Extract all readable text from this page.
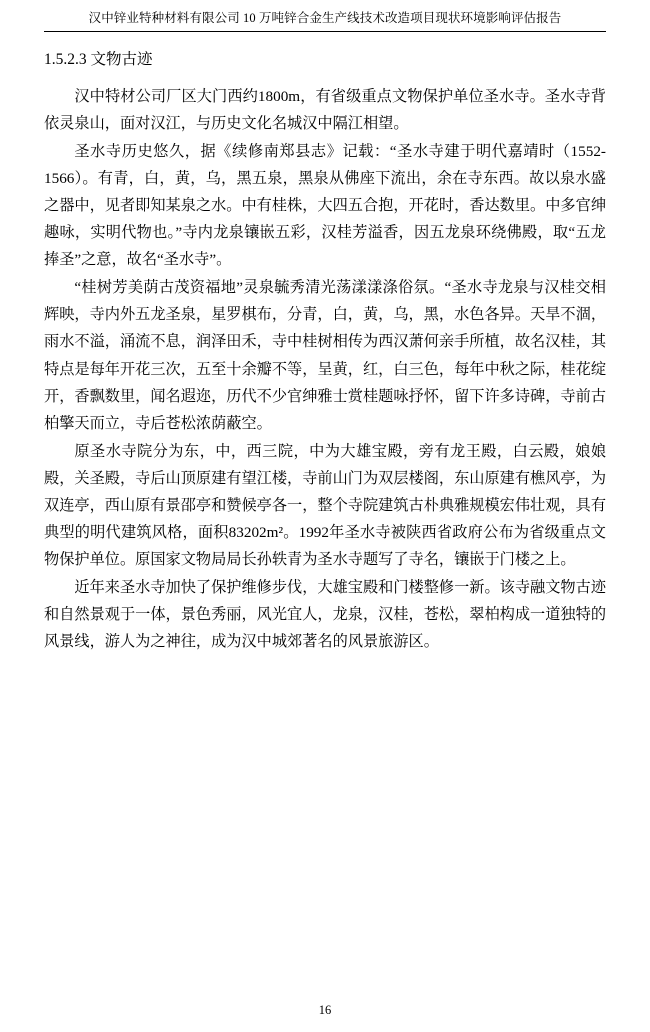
汉中锌业特种材料有限公司 10 万吨锌合金生产线技术改造项目现状环境影响评估报告
1.5.2.3 文物古迹

汉中特材公司厂区大门西约1800m，有省级重点文物保护单位圣水寺。圣水寺背依灵泉山，面对汉江，与历史文化名城汉中隔江相望。

圣水寺历史悠久，据《续修南郑县志》记载：“圣水寺建于明代嘉靖时（1552-1566）。有青，白，黄，乌，黑五泉，黑泉从佛座下流出，余在寺东西。故以泉水盛之器中，见者即知某泉之水。中有桂株，大四五合抱，开花时，香达数里。中多官绅趣咏，实明代物也。”寺内龙泉镶嵌五彩，汉桂芳溢香，因五龙泉环绕佛殿，取“五龙捧圣”之意，故名“圣水寺”。

“桂树芳美荫古茂资福地”灵泉毓秀清光荡漾漾涤俗氛。“圣水寺龙泉与汉桂交相辉映，寺内外五龙圣泉，星罗棋布，分青，白，黄，乌，黑，水色各异。天旱不涸，雨水不溢，涌流不息，润泽田禾，寺中桂树相传为西汉萧何亲手所植，故名汉桂，其特点是每年开花三次，五至十余瓣不等，呈黄，红，白三色，每年中秋之际，桂花绽开，香飘数里，闻名遐迩，历代不少官绅雅士赏桂题咏抒怀，留下许多诗碑，寺前古柏擎天而立，寺后苍松浓荫蔽空。

原圣水寺院分为东，中，西三院，中为大雄宝殿，旁有龙王殿，白云殿，娘娘殿，关圣殿，寺后山顶原建有望江楼，寺前山门为双层楼阁，东山原建有樵风亭，为双连亭，西山原有景邵亭和赞候亭各一，整个寺院建筑古朴典雅规模宏伟壮观，具有典型的明代建筑风格，面积83202m²。1992年圣水寺被陕西省政府公布为省级重点文物保护单位。原国家文物局局长孙轶青为圣水寺题写了寺名，镶嵌于门楼之上。

近年来圣水寺加快了保护维修步伐，大雄宝殿和门楼整修一新。该寺融文物古迹和自然景观于一体，景色秀丽，风光宜人，龙泉，汉桂，苍松，翠柏构成一道独特的风景线，游人为之神往，成为汉中城郊著名的风景旅游区。

16
